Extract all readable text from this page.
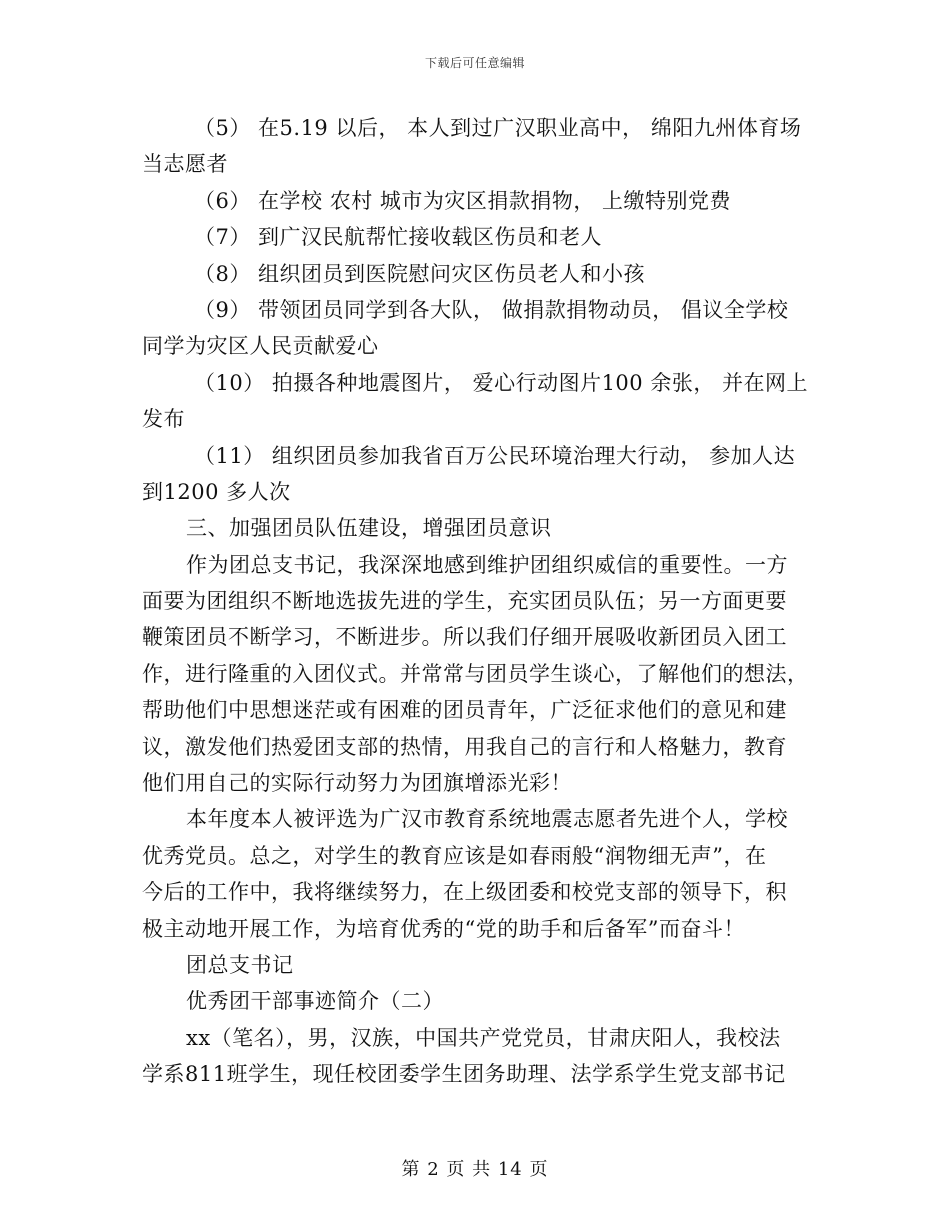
下载后可任意编辑
（5） 在5.19 以后， 本人到过广汉职业高中， 绵阳九州体育场
当志愿者
（6） 在学校 农村 城市为灾区捐款捐物， 上缴特别党费
（7） 到广汉民航帮忙接收载区伤员和老人
（8） 组织团员到医院慰问灾区伤员老人和小孩
（9） 带领团员同学到各大队， 做捐款捐物动员， 倡议全学校
同学为灾区人民贡献爱心
（10） 拍摄各种地震图片， 爱心行动图片100 余张， 并在网上
发布
（11） 组织团员参加我省百万公民环境治理大行动， 参加人达
到1200 多人次
三、加强团员队伍建设，增强团员意识
作为团总支书记，我深深地感到维护团组织威信的重要性。一方
面要为团组织不断地选拔先进的学生，充实团员队伍；另一方面更要
鞭策团员不断学习，不断进步。所以我们仔细开展吸收新团员入团工
作，进行隆重的入团仪式。并常常与团员学生谈心，了解他们的想法，
帮助他们中思想迷茫或有困难的团员青年，广泛征求他们的意见和建
议，激发他们热爱团支部的热情，用我自己的言行和人格魅力，教育
他们用自己的实际行动努力为团旗增添光彩！
本年度本人被评选为广汉市教育系统地震志愿者先进个人，学校
优秀党员。总之，对学生的教育应该是如春雨般“润物细无声”，在
今后的工作中，我将继续努力，在上级团委和校党支部的领导下，积
极主动地开展工作，为培育优秀的“党的助手和后备军”而奋斗！
团总支书记
优秀团干部事迹简介（二）
xx（笔名），男，汉族，中国共产党党员，甘肃庆阳人，我校法
学系811班学生，现任校团委学生团务助理、法学系学生党支部书记
第 2 页 共 14 页
